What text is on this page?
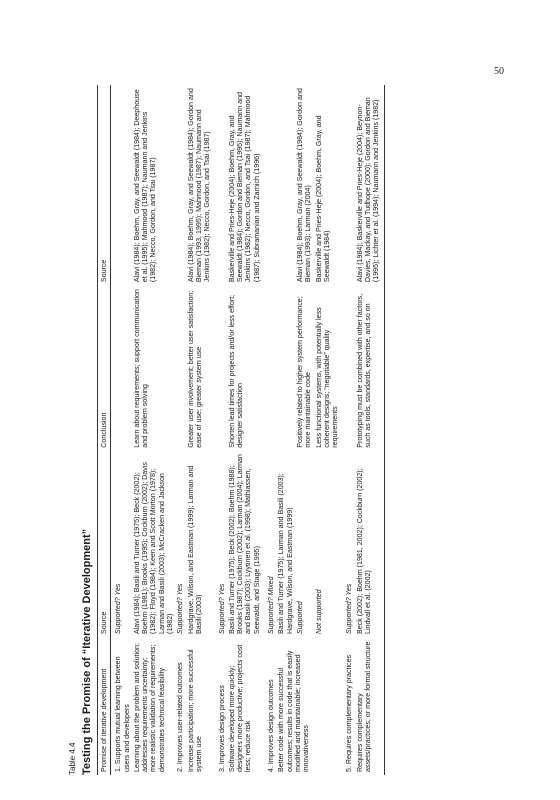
50
Table 4.4 Testing the Promise of “Iterative Development” Promise of iterative development	Source	Conclusion	Source
1. Supports mutual learning between users and developers	Supported? Yes		
Learning about the problem and solution; addresses requirements uncertainty; more realistic validation of requirements; demonstrates technical feasibility	Alavi (1984); Basili and Turner (1975); Beck (2002); Boehm (1981); Brooks (1995); Cockburn (2002); Davis (1982); Floyd (1984); Keen and Scott Morton (1978); Larman and Basili (2003); McCracken and Jackson (1982)	Learn about requirements; support communication and problem solving	Alavi (1984); Boehm, Gray, and Seewaldt (1984); Deephouse et al. (1995); Mahmood (1987); Naumann and Jenkins (1982); Necco, Gordon, and Tsai (1987)
2. Improves user-related outcomes	Supported? Yes		
Increase participation; more successful system use	Hardgrave, Wilson, and Eastman (1999); Larman and Basili (2003)	Greater user involvement; better user satisfaction; ease of use; greater system use	Alavi (1984); Boehm, Gray, and Seewaldt (1984); Gordon and Bieman (1993, 1995); Mahmood (1987); Naumann and Jenkins (1982); Necco, Gordon, and Tsai (1987)

3. Improves design process	Supported? Yes		
Software developed more quickly; designers more productive; projects cost less; reduce risk	Basili and Turner (1975); Beck (2002); Boehm (1988); Brooks (1987); Cockburn (2002); Larman (2004); Larman and Basili (2003); Lyytinen et al. (1998); Mathiassen, Seewaldt, and Stage (1995)	Shorten lead times for projects and/or less effort; designer satisfaction	Baskerville and Pries-Heje (2004); Boehm, Gray, and Seewaldt (1984); Gordon and Bieman (1995); Naumann and Jenkins (1982); Necco, Gordon, and Tsai (1987); Mahmood (1987); Subramanian and Zarnich (1996)

4. Improves design outcomes	Supported? Mixed		
Better code with more successful outcomes; results in code that is easily modified and maintainable; increased innovativeness	Basili and Turner (1975); Larman and Basili (2003); Hardgrave, Wilson, and Eastman (1999)		
	Supported	Positively related to higher system performance; more maintainable code	Alavi (1984); Boehm, Gray, and Seewaldt (1984); Gordon and Bieman (1993); Larman (2004)
	Not supported	Less functional systems, with potentially less coherent designs; “negotiable” quality requirements	Baskerville and Pries-Heje (2004); Boehm, Gray, and Seewaldt (1984)

5. Requires complementary practices	Supported? Yes		
Requires complementary assets/practices; or more formal structure	Beck (2002); Boehm (1981, 2002); Cockburn (2002); Lindvall et al. (2002)	Prototyping must be combined with other factors, such as tools, standards, expertise, and so on	Alavi (1984); Baskerville and Pries-Heje (2004); Beynon-Davies, Mackay, and Tudhope (2000); Gordon and Bieman (1995); Lichter et al. (1994); Naumann and Jenkins (1982)
